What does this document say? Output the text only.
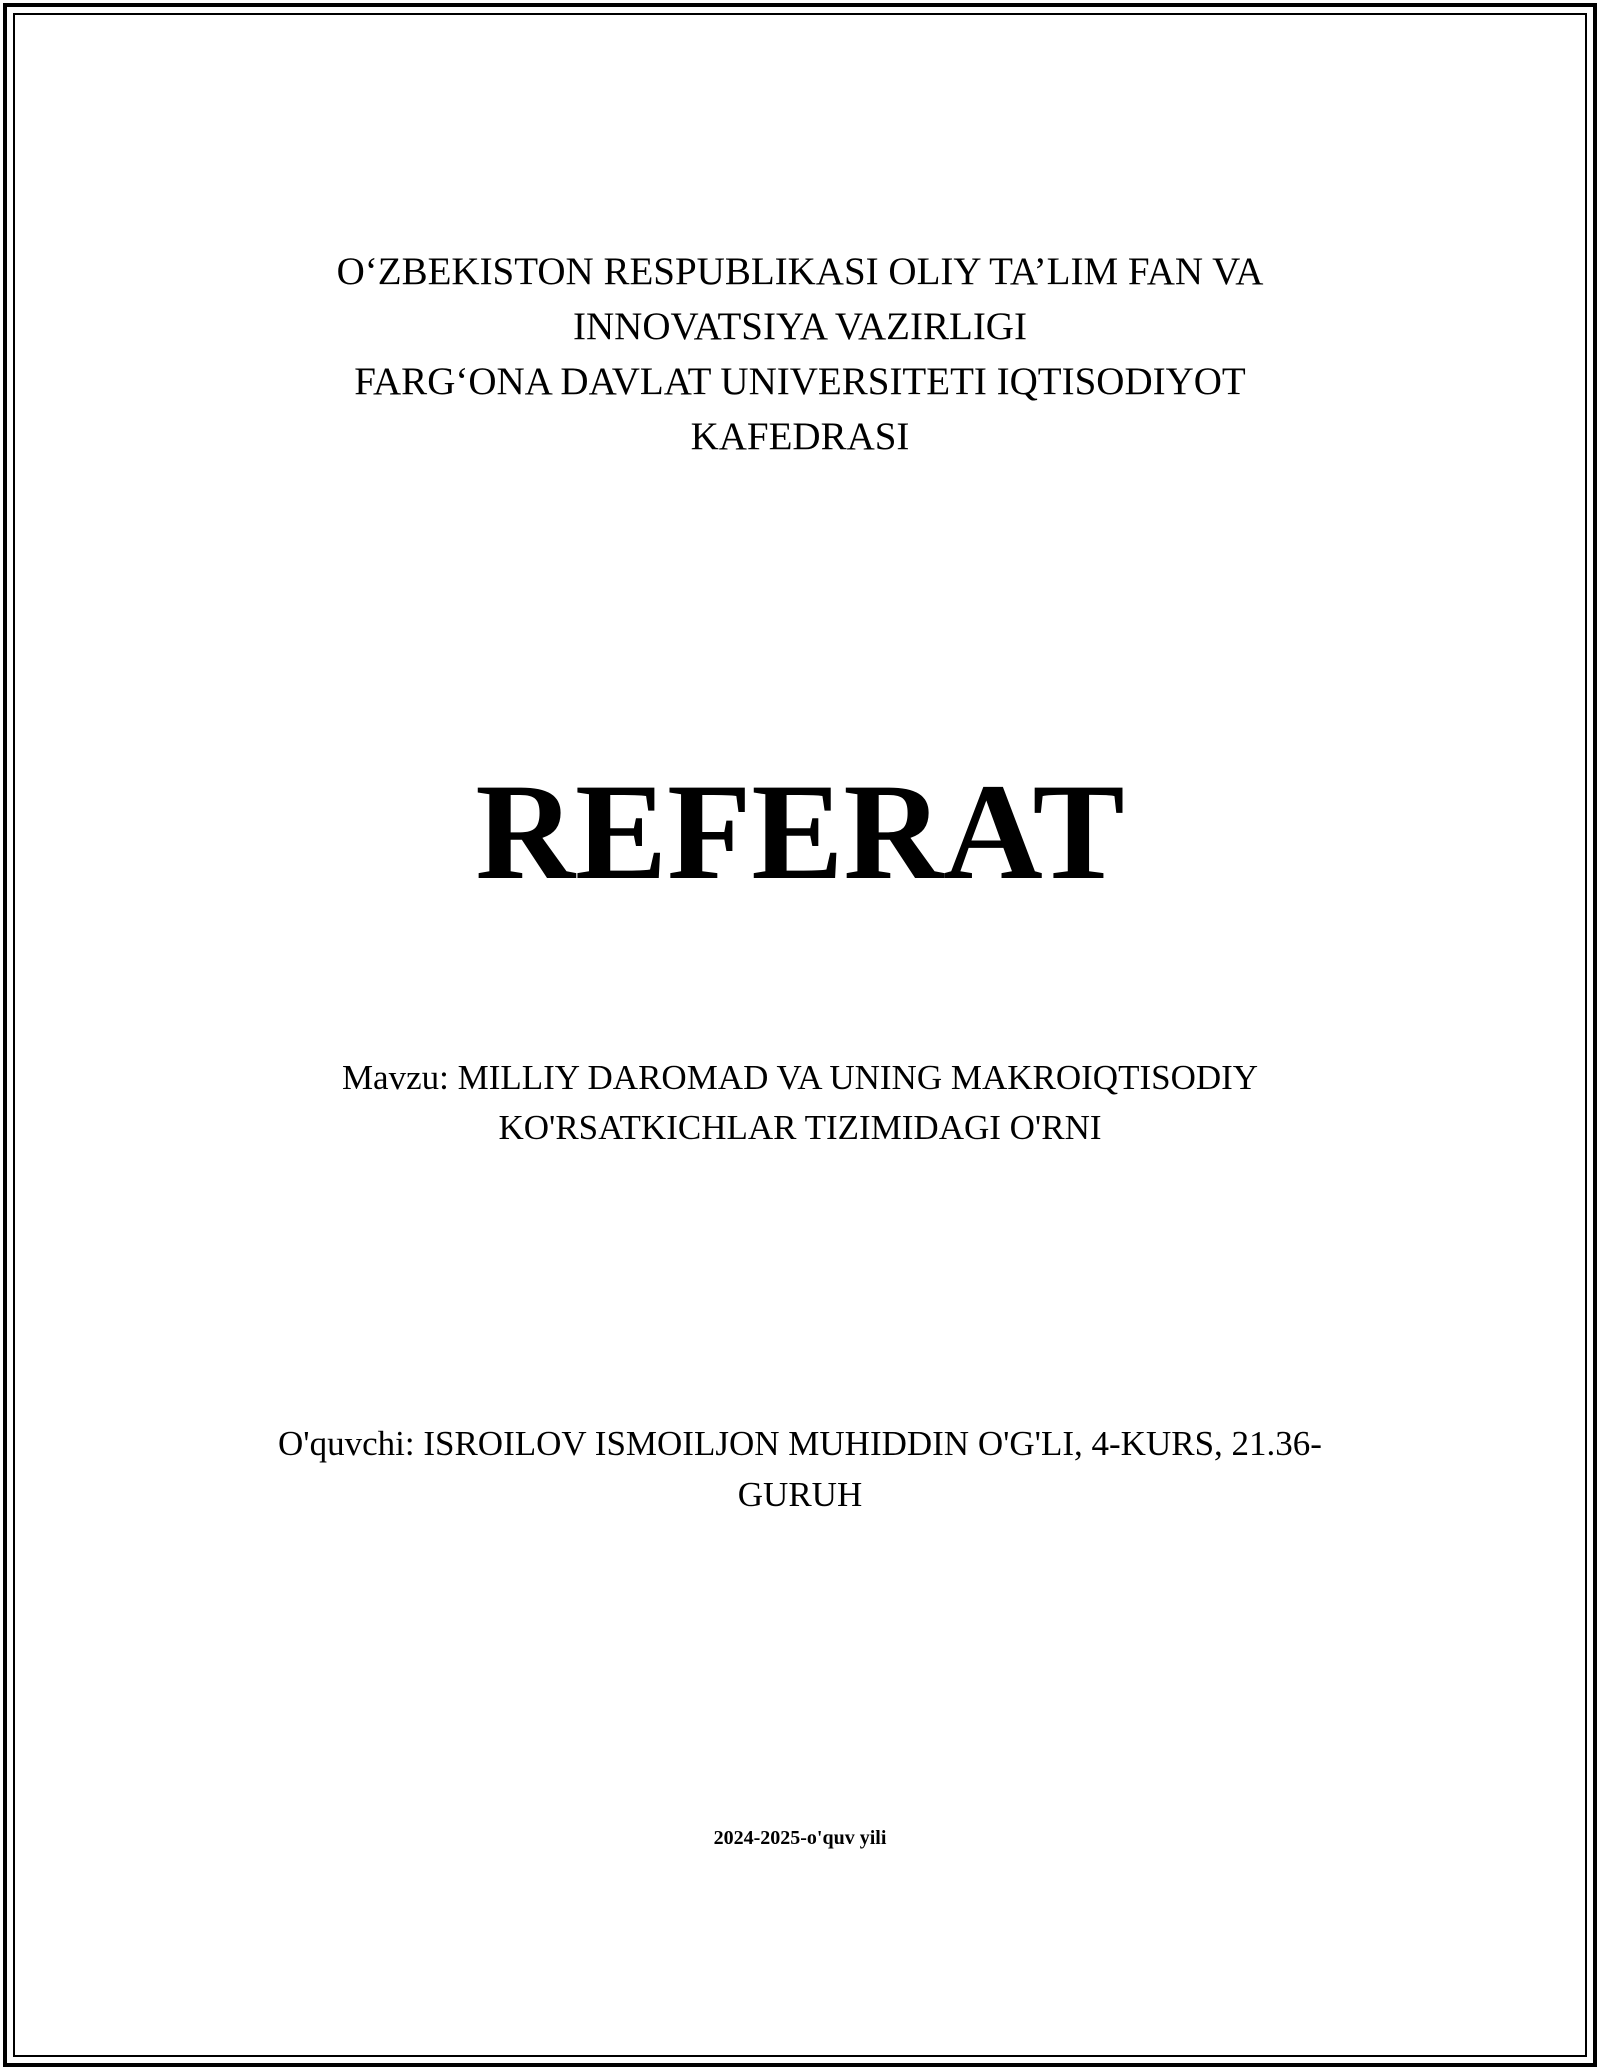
O‘ZBEKISTON RESPUBLIKASI OLIY TA’LIM FAN VA
INNOVATSIYA VAZIRLIGI
FARG‘ONA DAVLAT UNIVERSITETI IQTISODIYOT
KAFEDRASI
REFERAT
Mavzu: MILLIY DAROMAD VA UNING MAKROIQTISODIY
KO'RSATKICHLAR TIZIMIDAGI O'RNI
O'quvchi: ISROILOV ISMOILJON MUHIDDIN O'G'LI, 4-KURS, 21.36-
GURUH
2024-2025-o'quv yili
